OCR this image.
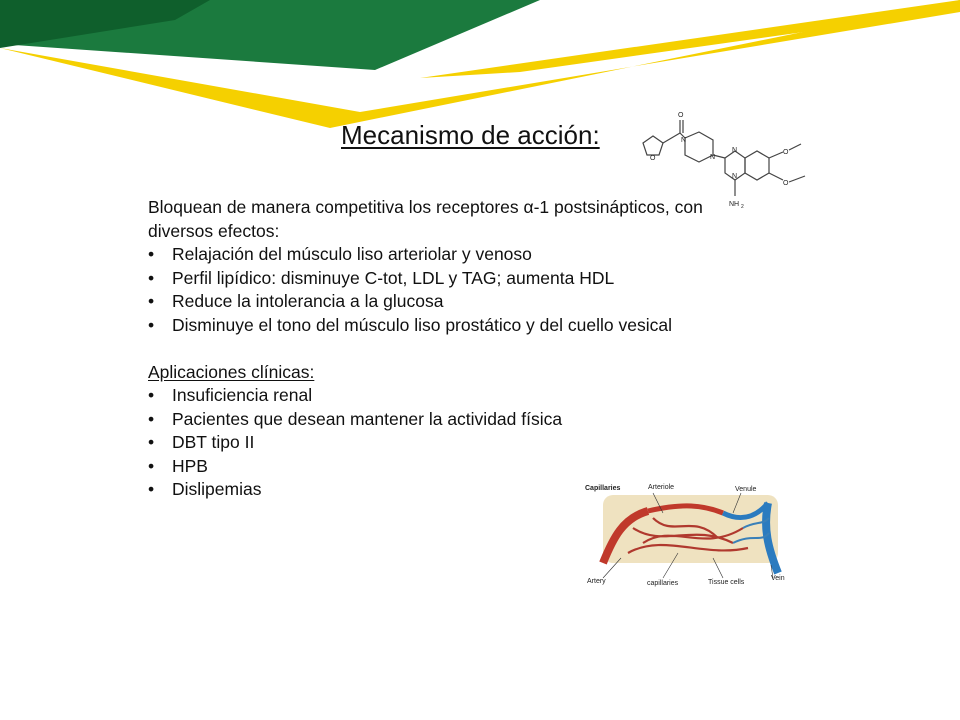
Mecanismo de acción:
O
O
N
N
N
N
O
O
NH 2

Bloquean de manera competitiva los receptores α-1 postsinápticos, con diversos efectos:

• Relajación del músculo liso arteriolar y venoso
• Perfil lipídico: disminuye C-tot, LDL y TAG; aumenta HDL
• Reduce la intolerancia a la glucosa
• Disminuye el tono del músculo liso prostático y del cuello vesical

Aplicaciones clínicas:

• Insuficiencia renal
• Pacientes que desean mantener la actividad física
• DBT tipo II
• HPB
• Dislipemias	Capillaries	Arteriole	Venule
Artery	capillaries	Tissue cells
Vein
